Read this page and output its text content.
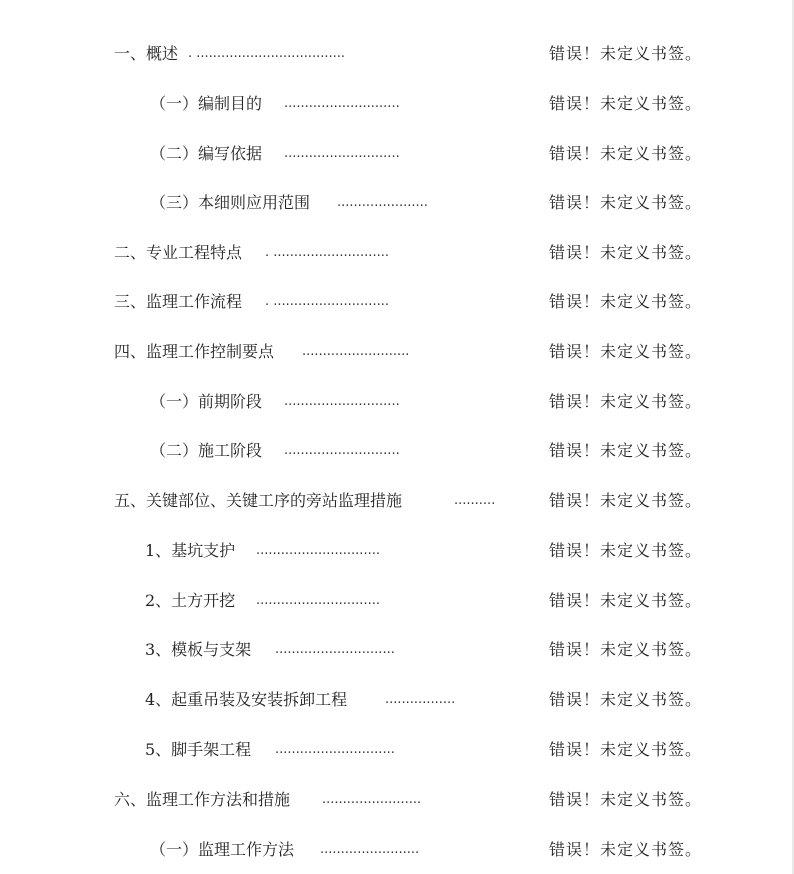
一、概述 . ....................................	错误！未定义书签。
（一）编制目的 ............................	错误！未定义书签。
（二）编写依据 ............................	错误！未定义书签。
（三）本细则应用范围 ......................	错误！未定义书签。
二、专业工程特点 . ............................	错误！未定义书签。
三、监理工作流程 . ............................	错误！未定义书签。
四、监理工作控制要点 ..........................	错误！未定义书签。
（一）前期阶段 ............................	错误！未定义书签。
（二）施工阶段 ............................	错误！未定义书签。
五、关键部位、关键工序的旁站监理措施	..........	错误！未定义书签。
1、基坑支护 ..............................	错误！未定义书签。
2、土方开挖 ..............................	错误！未定义书签。
3、模板与支架 .............................	错误！未定义书签。
4、起重吊装及安装拆卸工程	.................	错误！未定义书签。
5、脚手架工程 .............................	错误！未定义书签。
六、监理工作方法和措施 ........................	错误！未定义书签。
（一）监理工作方法 ........................	错误！未定义书签。
